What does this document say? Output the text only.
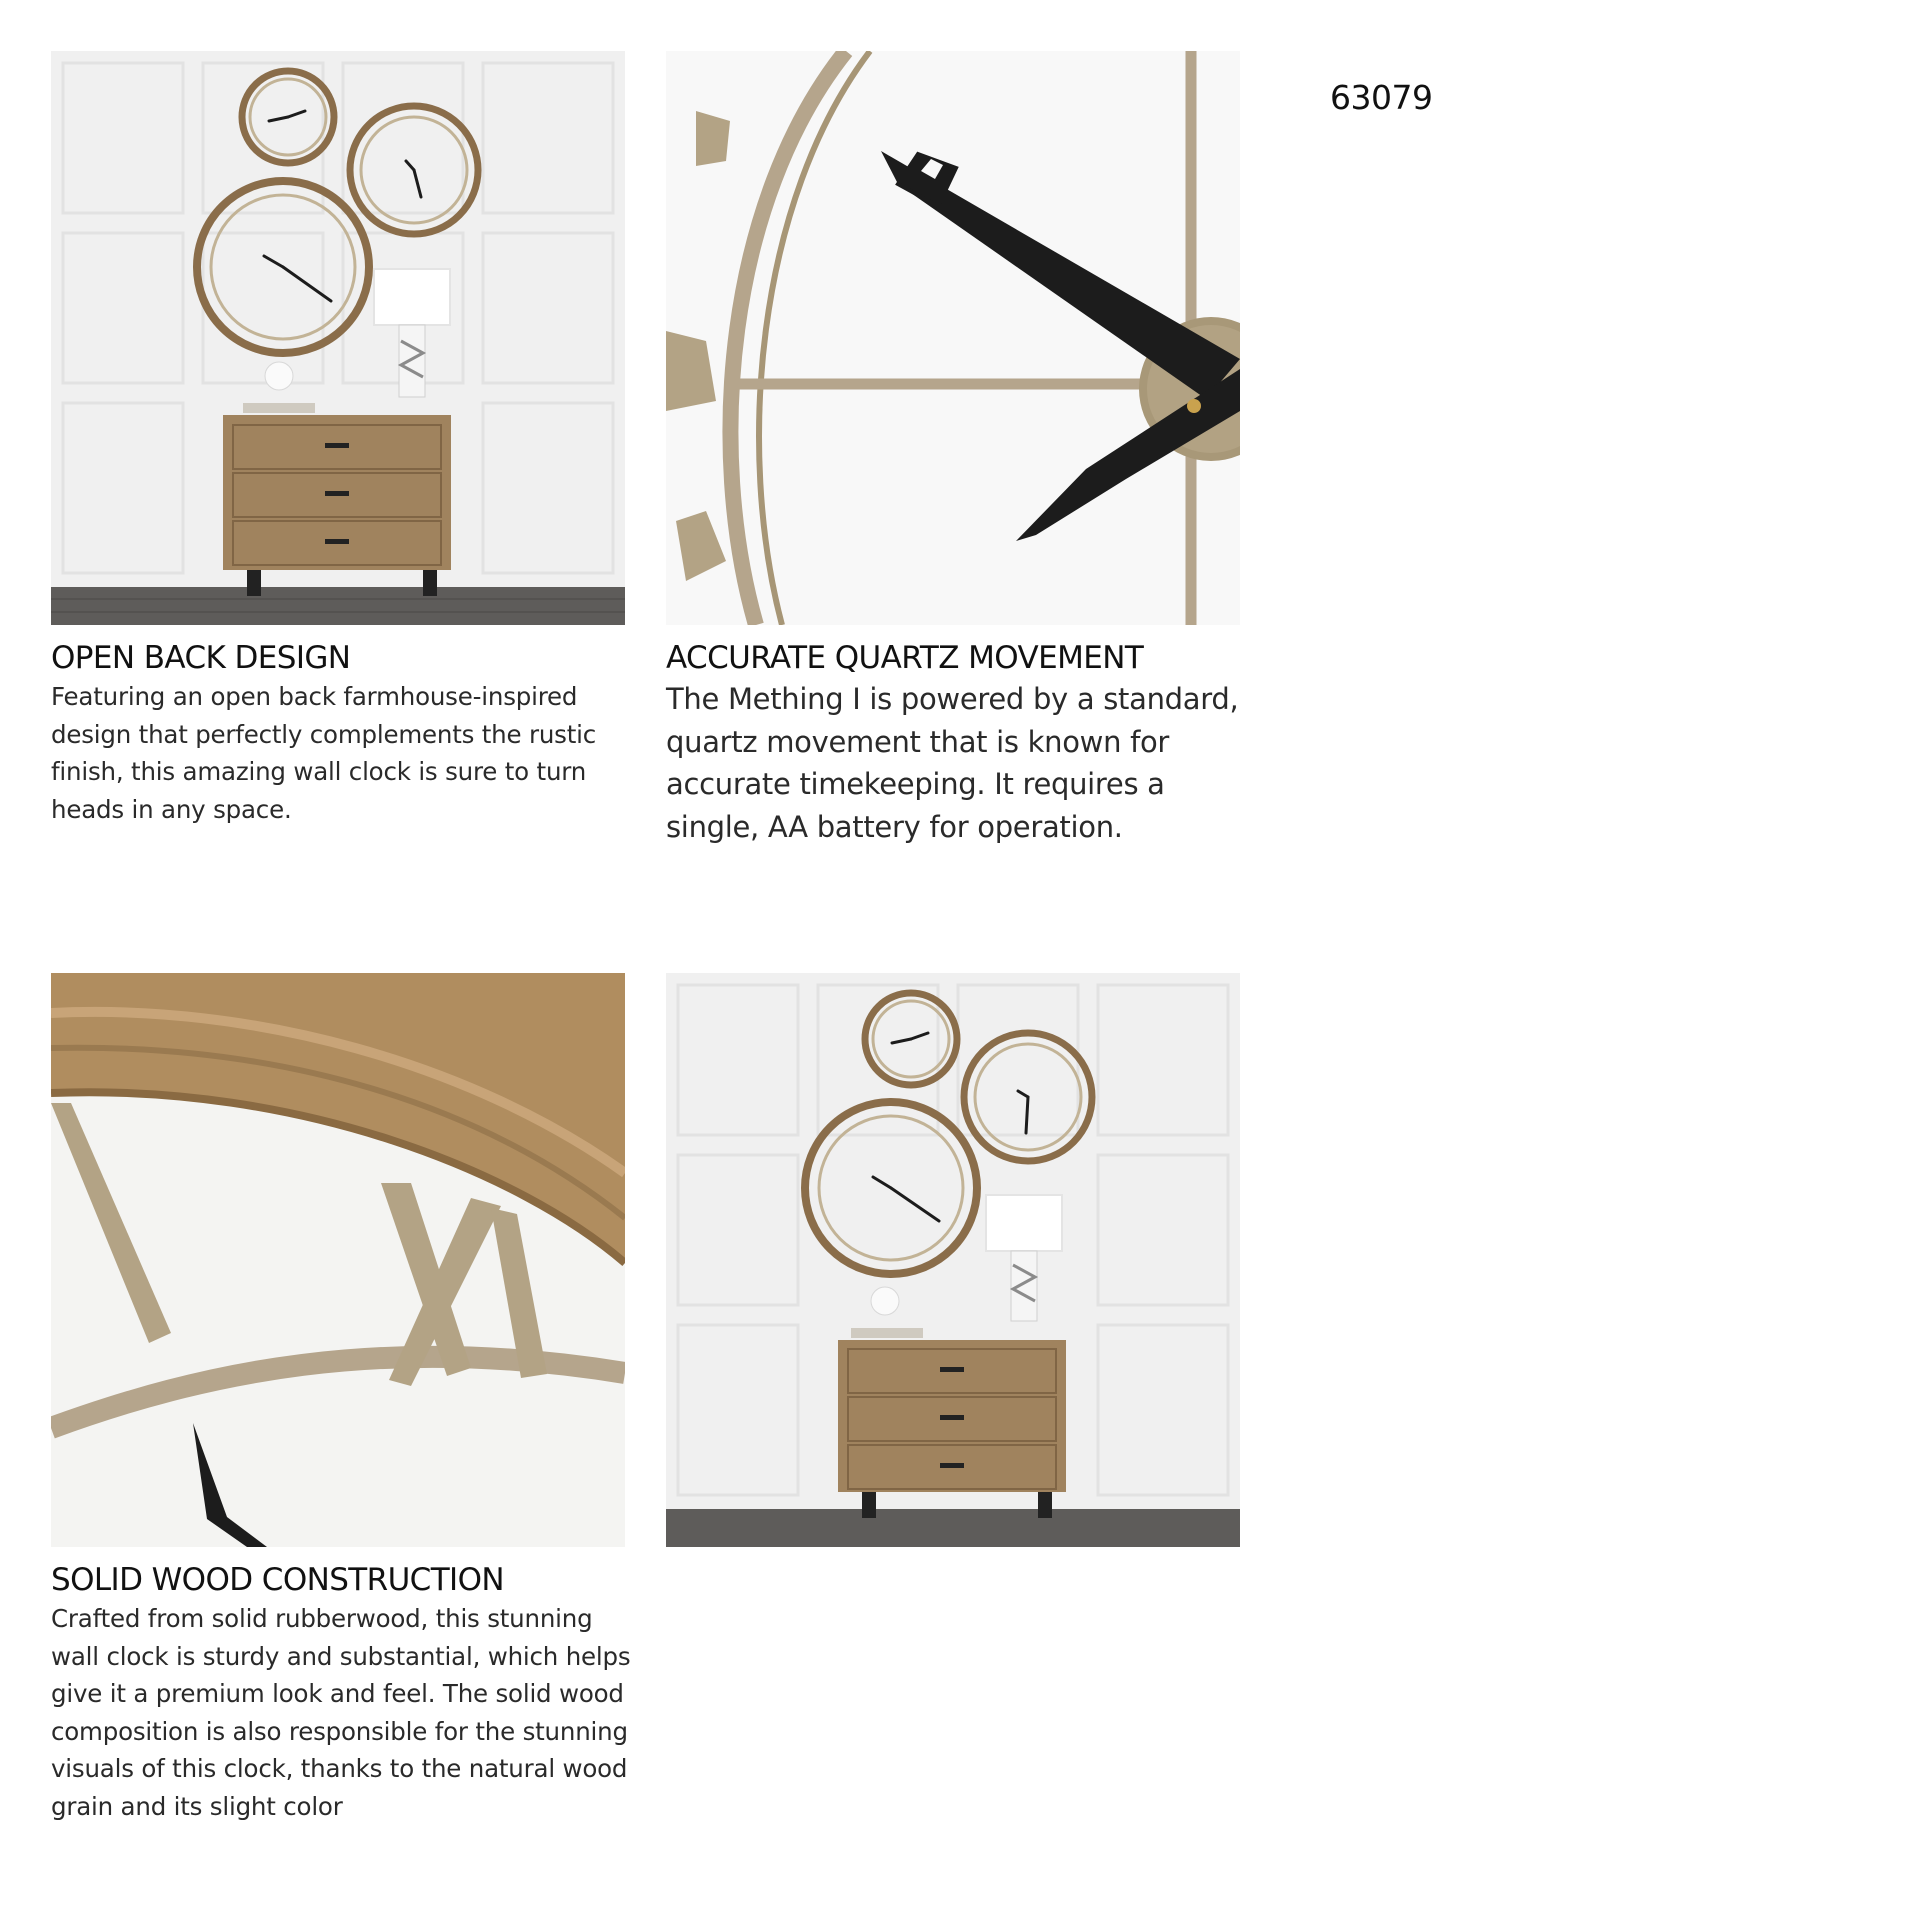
OPEN BACK DESIGN

Featuring an open back farmhouse-inspired design that perfectly complements the rustic finish, this amazing wall clock is sure to turn heads in any space.

ACCURATE QUARTZ MOVEMENT

The Mething I is powered by a standard, quartz movement that is known for accurate timekeeping. It requires a single, AA battery for operation.

SOLID WOOD CONSTRUCTION

Crafted from solid rubberwood, this stunning wall clock is sturdy and substantial, which helps give it a premium look and feel. The solid wood composition is also responsible for the stunning visuals of this clock, thanks to the natural wood grain and its slight color

63079
